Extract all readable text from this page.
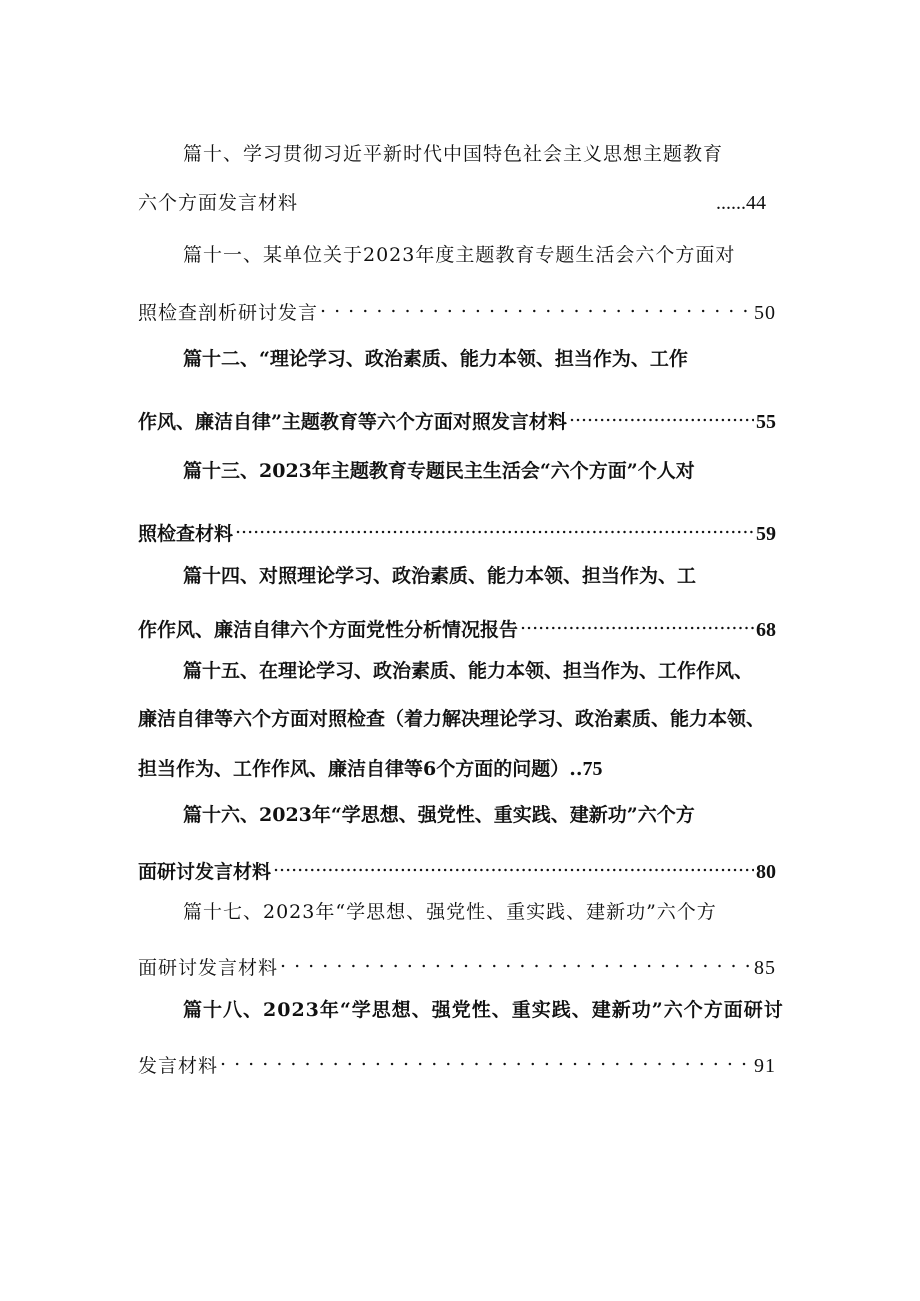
篇十、学习贯彻习近平新时代中国特色社会主义思想主题教育
六个方面发言材料	......44
篇十一、某单位关于2023年度主题教育专题生活会六个方面对
照检查剖析研讨发言 . . .	50
篇十二、“理论学习、政治素质、能力本领、担当作为、工作
作风、廉洁自律”主题教育等六个方面对照发言材料 .....	55
篇十三、2023年主题教育专题民主生活会“六个方面”个人对
照检查材料 .....	59
篇十四、对照理论学习、政治素质、能力本领、担当作为、工
作作风、廉洁自律六个方面党性分析情况报告 .....	68
篇十五、在理论学习、政治素质、能力本领、担当作为、工作作风、
廉洁自律等六个方面对照检查（着力解决理论学习、政治素质、能力本领、
担当作为、工作作风、廉洁自律等6个方面的问题）..75
篇十六、2023年“学思想、强党性、重实践、建新功”六个方
面研讨发言材料 .....	80
篇十七、2023年“学思想、强党性、重实践、建新功”六个方
面研讨发言材料 . . .	85
篇十八、2023年“学思想、强党性、重实践、建新功”六个方面研讨
发言材料 . . .	91
